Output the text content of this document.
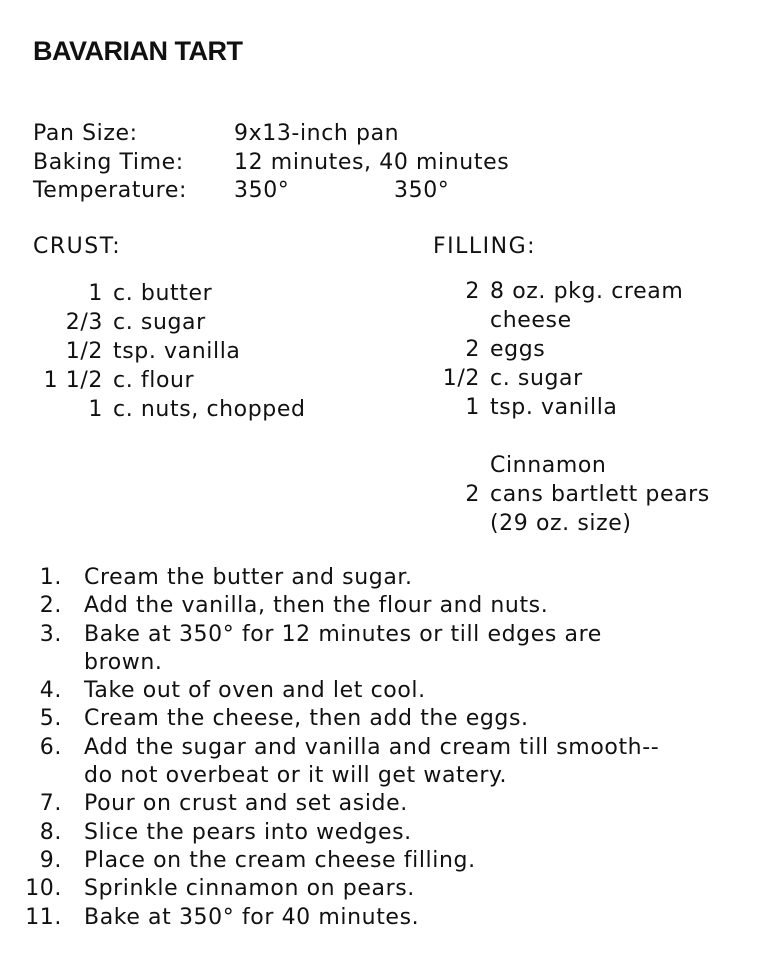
BAVARIAN TART
Pan Size:	9x13-inch pan
Baking Time: 12 minutes, 40 minutes
Temperature: 350°	350°
CRUST:	FILLING:
1 c. butter
2/3 c. sugar
1/2 tsp. vanilla
1 1/2 c. flour
1 c. nuts, chopped
2 8 oz. pkg. cream
cheese
2 eggs
1/2 c. sugar
1 tsp. vanilla
Cinnamon
2 cans bartlett pears
(29 oz. size)
1. Cream the butter and sugar.
2. Add the vanilla, then the flour and nuts.
3. Bake at 350° for 12 minutes or till edges are
brown.
4. Take out of oven and let cool.
5. Cream the cheese, then add the eggs.
6. Add the sugar and vanilla and cream till smooth--
do not overbeat or it will get watery.
7. Pour on crust and set aside.
8. Slice the pears into wedges.
9. Place on the cream cheese filling.
10. Sprinkle cinnamon on pears.
11. Bake at 350° for 40 minutes.
